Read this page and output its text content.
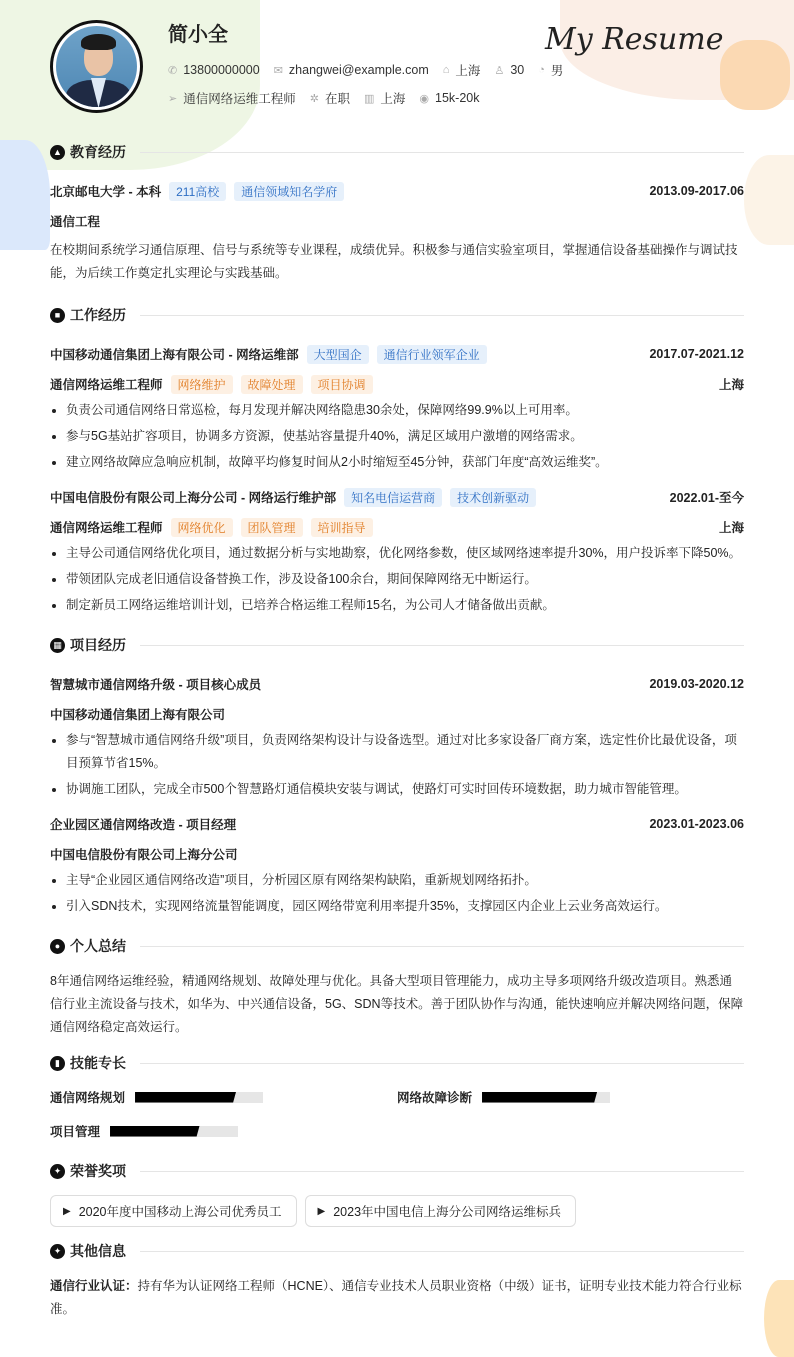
简小全	My Resume
✆ 13800000000 ✉ zhangwei@example.com ⌂ 上海 ♙ 30 ◔ 男
➢ 通信网络运维工程师 ✲ 在职 ▥ 上海 ◉ 15k-20k
▲ 教育经历
北京邮电大学 - 本科	211高校	通信领域知名学府	2013.09-2017.06
通信工程
在校期间系统学习通信原理、信号与系统等专业课程，成绩优异。积极参与通信实验室项目，掌握通信设备基础操作与调试技能，为后续工作奠定扎实理论与实践基础。
■ 工作经历
中国移动通信集团上海有限公司 - 网络运维部	大型国企	通信行业领军企业	2017.07-2021.12
通信网络运维工程师	网络维护	故障处理	项目协调	上海
负责公司通信网络日常巡检，每月发现并解决网络隐患30余处，保障网络99.9%以上可用率。
参与5G基站扩容项目，协调多方资源，使基站容量提升40%，满足区域用户激增的网络需求。
建立网络故障应急响应机制，故障平均修复时间从2小时缩短至45分钟，获部门年度“高效运维奖”。
中国电信股份有限公司上海分公司 - 网络运行维护部	知名电信运营商	技术创新驱动	2022.01-至今
通信网络运维工程师	网络优化	团队管理	培训指导	上海
主导公司通信网络优化项目，通过数据分析与实地勘察，优化网络参数，使区域网络速率提升30%，用户投诉率下降50%。
带领团队完成老旧通信设备替换工作，涉及设备100余台，期间保障网络无中断运行。
制定新员工网络运维培训计划，已培养合格运维工程师15名，为公司人才储备做出贡献。
▦ 项目经历
智慧城市通信网络升级 - 项目核心成员	2019.03-2020.12
中国移动通信集团上海有限公司
参与“智慧城市通信网络升级”项目，负责网络架构设计与设备选型。通过对比多家设备厂商方案，选定性价比最优设备，项目预算节省15%。
协调施工团队，完成全市500个智慧路灯通信模块安装与调试，使路灯可实时回传环境数据，助力城市智能管理。
企业园区通信网络改造 - 项目经理	2023.01-2023.06
中国电信股份有限公司上海分公司
主导“企业园区通信网络改造”项目，分析园区原有网络架构缺陷，重新规划网络拓扑。
引入SDN技术，实现网络流量智能调度，园区网络带宽利用率提升35%，支撑园区内企业上云业务高效运行。
● 个人总结
8年通信网络运维经验，精通网络规划、故障处理与优化。具备大型项目管理能力，成功主导多项网络升级改造项目。熟悉通信行业主流设备与技术，如华为、中兴通信设备，5G、SDN等技术。善于团队协作与沟通，能快速响应并解决网络问题，保障通信网络稳定高效运行。
▮ 技能专长
通信网络规划	网络故障诊断
项目管理
✦ 荣誉奖项
▶ 2020年度中国移动上海公司优秀员工	▶ 2023年中国电信上海分公司网络运维标兵
✦ 其他信息
通信行业认证：持有华为认证网络工程师（HCNE）、通信专业技术人员职业资格（中级）证书，证明专业技术能力符合行业标准。
